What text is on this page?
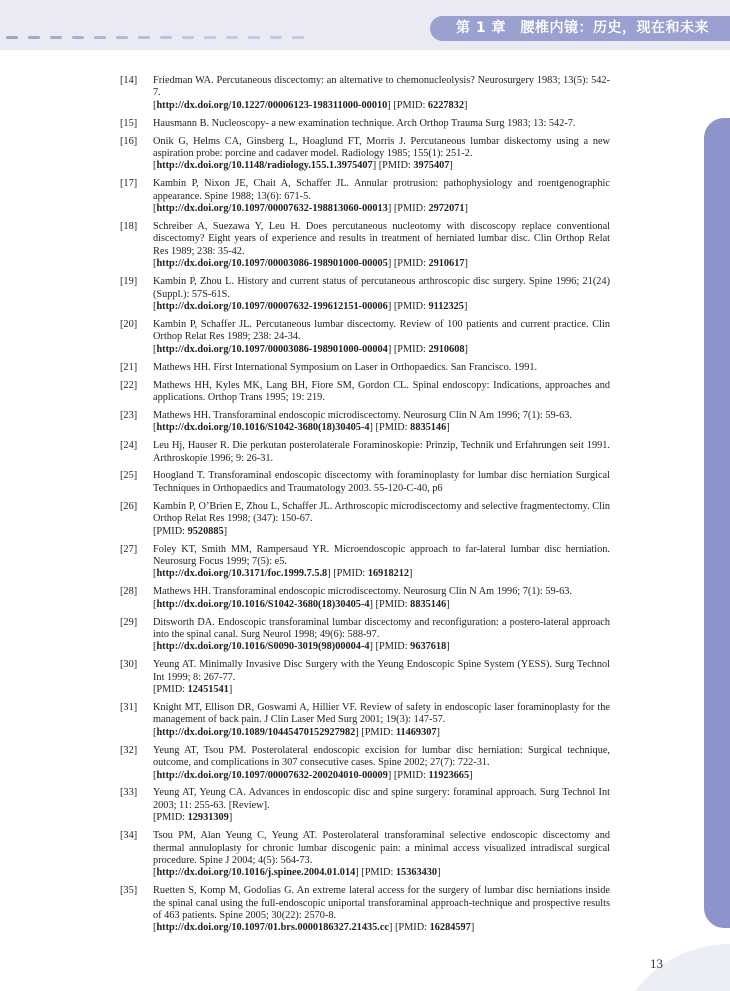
第 1 章　腰椎内镜：历史，现在和未来
13
[14]	Friedman WA. Percutaneous discectomy: an alternative to chemonucleolysis? Neurosurgery 1983; 13(5): 542-7.
[http://dx.doi.org/10.1227/00006123-198311000-00010] [PMID: 6227832]
[15]	Hausmann B. Nucleoscopy- a new examination technique. Arch Orthop Trauma Surg 1983; 13: 542-7.
[16]	Onik G, Helms CA, Ginsberg L, Hoaglund FT, Morris J. Percutaneous lumbar diskectomy using a new aspiration probe: porcine and cadaver model. Radiology 1985; 155(1): 251-2.
[http://dx.doi.org/10.1148/radiology.155.1.3975407] [PMID: 3975407]
[17]	Kambin P, Nixon JE, Chait A, Schaffer JL. Annular protrusion: pathophysiology and roentgenographic appearance. Spine 1988; 13(6): 671-5.
[http://dx.doi.org/10.1097/00007632-198813060-00013] [PMID: 2972071]
[18]	Schreiber A, Suezawa Y, Leu H. Does percutaneous nucleotomy with discoscopy replace conventional discectomy? Eight years of experience and results in treatment of herniated lumbar disc. Clin Orthop Relat Res 1989; 238: 35-42.
[http://dx.doi.org/10.1097/00003086-198901000-00005] [PMID: 2910617]
[19]	Kambin P, Zhou L. History and current status of percutaneous arthroscopic disc surgery. Spine 1996; 21(24) (Suppl.): 57S-61S.
[http://dx.doi.org/10.1097/00007632-199612151-00006] [PMID: 9112325]
[20]	Kambin P, Schaffer JL. Percutaneous lumbar discectomy. Review of 100 patients and current practice. Clin Orthop Relat Res 1989; 238: 24-34.
[http://dx.doi.org/10.1097/00003086-198901000-00004] [PMID: 2910608]
[21]	Mathews HH. First International Symposium on Laser in Orthopaedics. San Francisco. 1991.
[22]	Mathews HH, Kyles MK, Lang BH, Fiore SM, Gordon CL. Spinal endoscopy: Indications, approaches and applications. Orthop Trans 1995; 19: 219.
[23]	Mathews HH. Transforaminal endoscopic microdiscectomy. Neurosurg Clin N Am 1996; 7(1): 59-63.
[http://dx.doi.org/10.1016/S1042-3680(18)30405-4] [PMID: 8835146]
[24]	Leu Hj, Hauser R. Die perkutan posterolaterale Foraminoskopie: Prinzip, Technik und Erfahrungen seit 1991. Arthroskopie 1996; 9: 26-31.
[25]	Hoogland T. Transforaminal endoscopic discectomy with foraminoplasty for lumbar disc herniation Surgical Techniques in Orthopaedics and Traumatology 2003. 55-120-C-40, p6
[26]	Kambin P, O’Brien E, Zhou L, Schaffer JL. Arthroscopic microdiscectomy and selective fragmentectomy. Clin Orthop Relat Res 1998; (347): 150-67.
[PMID: 9520885]
[27]	Foley KT, Smith MM, Rampersaud YR. Microendoscopic approach to far-lateral lumbar disc herniation. Neurosurg Focus 1999; 7(5): e5.
[http://dx.doi.org/10.3171/foc.1999.7.5.8] [PMID: 16918212]
[28]	Mathews HH. Transforaminal endoscopic microdiscectomy. Neurosurg Clin N Am 1996; 7(1): 59-63.
[http://dx.doi.org/10.1016/S1042-3680(18)30405-4] [PMID: 8835146]
[29]	Ditsworth DA. Endoscopic transforaminal lumbar discectomy and reconfiguration: a postero-lateral approach into the spinal canal. Surg Neurol 1998; 49(6): 588-97.
[http://dx.doi.org/10.1016/S0090-3019(98)00004-4] [PMID: 9637618]
[30]	Yeung AT. Minimally Invasive Disc Surgery with the Yeung Endoscopic Spine System (YESS). Surg Technol Int 1999; 8: 267-77.
[PMID: 12451541]
[31]	Knight MT, Ellison DR, Goswami A, Hillier VF. Review of safety in endoscopic laser foraminoplasty for the management of back pain. J Clin Laser Med Surg 2001; 19(3): 147-57.
[http://dx.doi.org/10.1089/10445470152927982] [PMID: 11469307]
[32]	Yeung AT, Tsou PM. Posterolateral endoscopic excision for lumbar disc herniation: Surgical technique, outcome, and complications in 307 consecutive cases. Spine 2002; 27(7): 722-31.
[http://dx.doi.org/10.1097/00007632-200204010-00009] [PMID: 11923665]
[33]	Yeung AT, Yeung CA. Advances in endoscopic disc and spine surgery: foraminal approach. Surg Technol Int 2003; 11: 255-63. [Review].
[PMID: 12931309]
[34]	Tsou PM, Alan Yeung C, Yeung AT. Posterolateral transforaminal selective endoscopic discectomy and thermal annuloplasty for chronic lumbar discogenic pain: a minimal access visualized intradiscal surgical procedure. Spine J 2004; 4(5): 564-73.
[http://dx.doi.org/10.1016/j.spinee.2004.01.014] [PMID: 15363430]
[35]	Ruetten S, Komp M, Godolias G. An extreme lateral access for the surgery of lumbar disc herniations inside the spinal canal using the full-endoscopic uniportal transforaminal approach-technique and prospective results of 463 patients. Spine 2005; 30(22): 2570-8.
[http://dx.doi.org/10.1097/01.brs.0000186327.21435.cc] [PMID: 16284597]
